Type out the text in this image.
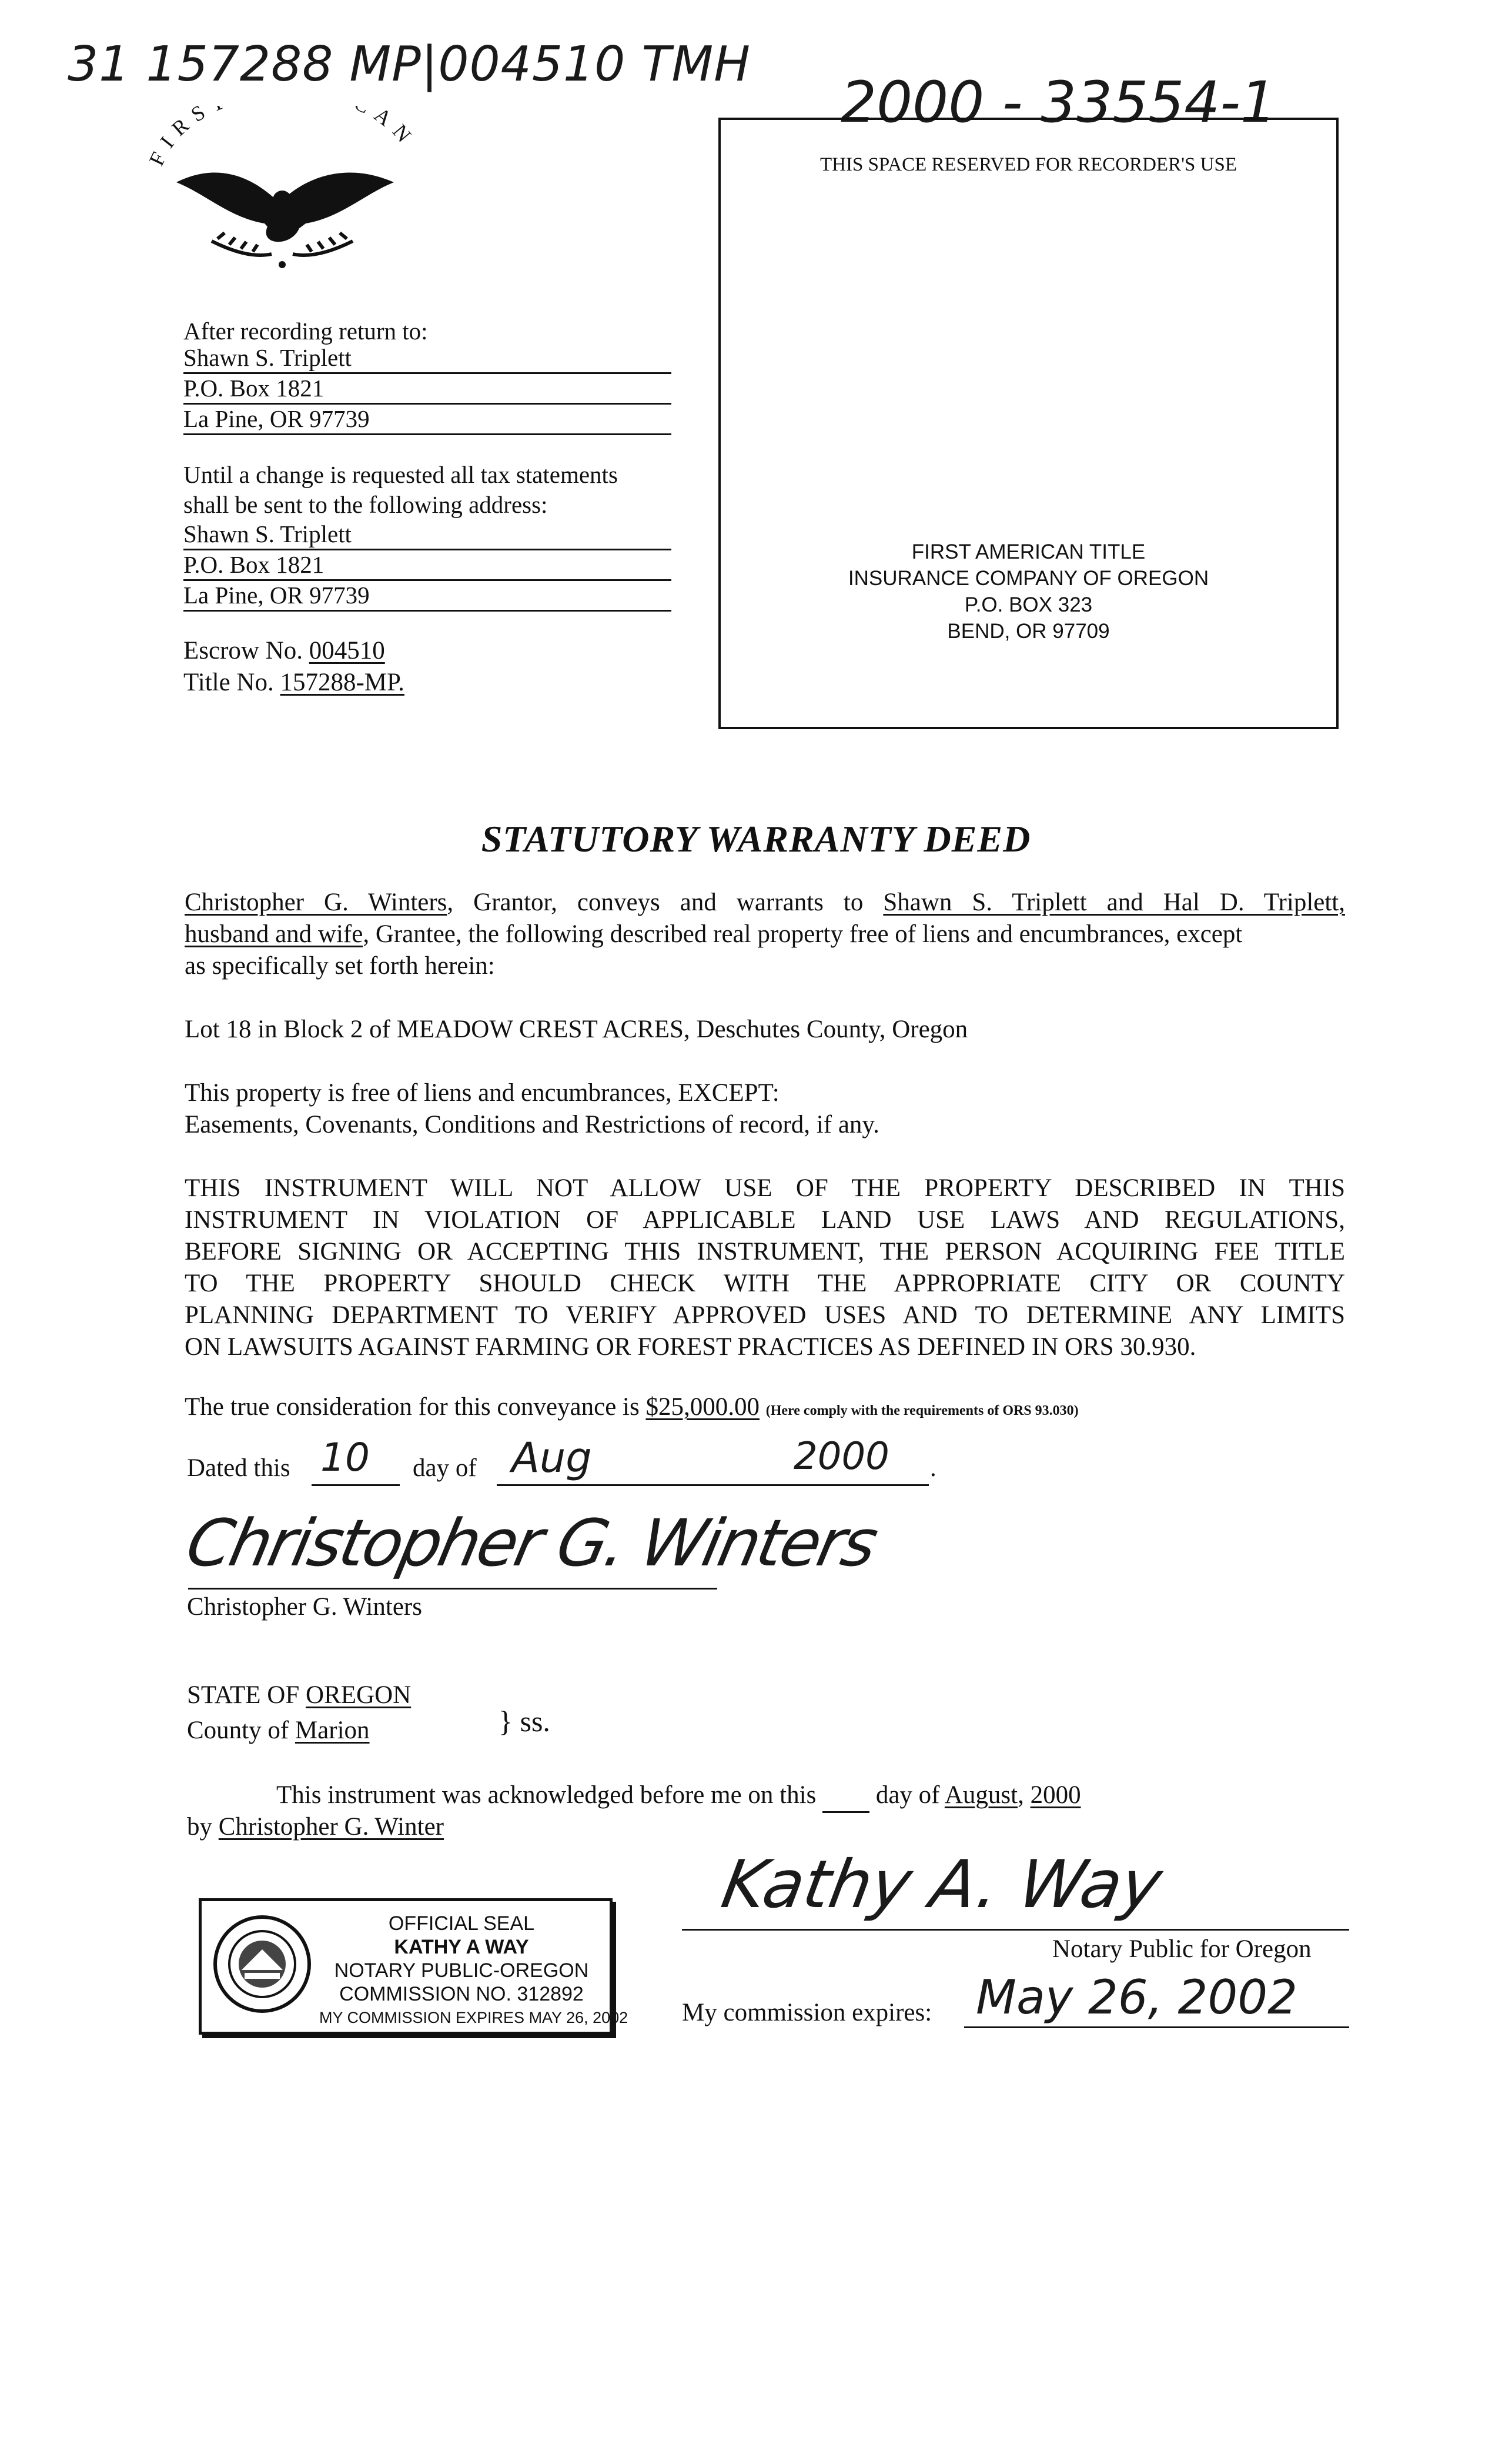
31 157288 MP|004510 TMH
2000 - 33554-1
FIRS CAN
THIS SPACE RESERVED FOR RECORDER'S USE
FIRST AMERICAN TITLE
INSURANCE COMPANY OF OREGON
P.O. BOX 323
BEND, OR 97709
After recording return to:
Shawn S. Triplett
P.O. Box 1821
La Pine, OR 97739
Until a change is requested all tax statements
shall be sent to the following address:
Shawn S. Triplett
P.O. Box 1821
La Pine, OR 97739
Escrow No. 004510
Title No. 157288-MP.
STATUTORY WARRANTY DEED
Christopher G. Winters, Grantor, conveys and warrants to Shawn S. Triplett and Hal D. Triplett,
husband and wife, Grantee, the following described real property free of liens and encumbrances, except
as specifically set forth herein:
Lot 18 in Block 2 of MEADOW CREST ACRES, Deschutes County, Oregon
This property is free of liens and encumbrances, EXCEPT:
Easements, Covenants, Conditions and Restrictions of record, if any.
THIS INSTRUMENT WILL NOT ALLOW USE OF THE PROPERTY DESCRIBED IN THIS
INSTRUMENT IN VIOLATION OF APPLICABLE LAND USE LAWS AND REGULATIONS,
BEFORE SIGNING OR ACCEPTING THIS INSTRUMENT, THE PERSON ACQUIRING FEE TITLE
TO THE PROPERTY SHOULD CHECK WITH THE APPROPRIATE CITY OR COUNTY
PLANNING DEPARTMENT TO VERIFY APPROVED USES AND TO DETERMINE ANY LIMITS
ON LAWSUITS AGAINST FARMING OR FOREST PRACTICES AS DEFINED IN ORS 30.930.
The true consideration for this conveyance is $25,000.00 (Here comply with the requirements of ORS 93.030)
Dated this 10 day of Aug	2000 .
Christopher G. Winters
Christopher G. Winters
STATE OF OREGON
County of Marion	} ss.
This instrument was acknowledged before me on this day of August, 2000
by Christopher G. Winter
OFFICIAL SEAL
KATHY A WAY
NOTARY PUBLIC-OREGON
COMMISSION NO. 312892
MY COMMISSION EXPIRES MAY 26, 2002
Kathy A. Way
Notary Public for Oregon
My commission expires: May 26, 2002
